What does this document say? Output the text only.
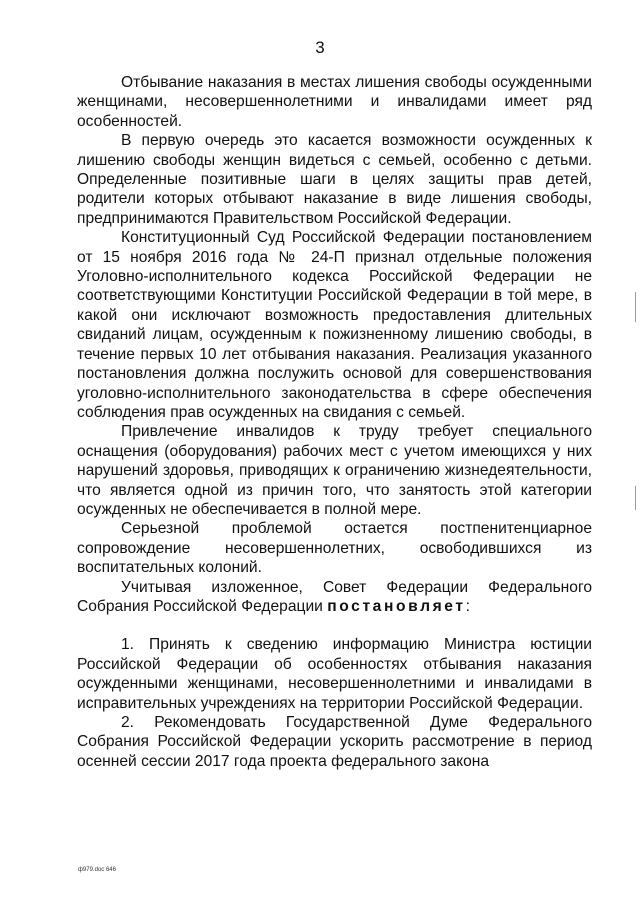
3

Отбывание наказания в местах лишения свободы осужденными женщинами, несовершеннолетними и инвалидами имеет ряд особенностей.

В первую очередь это касается возможности осужденных к лишению свободы женщин видеться с семьей, особенно с детьми. Определенные позитивные шаги в целях защиты прав детей, родители которых отбывают наказание в виде лишения свободы, предпринимаются Правительством Российской Федерации.

Конституционный Суд Российской Федерации постановлением от 15 ноября 2016 года № 24-П признал отдельные положения Уголовно-исполнительного кодекса Российской Федерации не соответствующими Конституции Российской Федерации в той мере, в какой они исключают возможность предоставления длительных свиданий лицам, осужденным к пожизненному лишению свободы, в течение первых 10 лет отбывания наказания. Реализация указанного постановления должна послужить основой для совершенствования уголовно-исполнительного законодательства в сфере обеспечения соблюдения прав осужденных на свидания с семьей.

Привлечение инвалидов к труду требует специального оснащения (оборудования) рабочих мест с учетом имеющихся у них нарушений здоровья, приводящих к ограничению жизнедеятельности, что является одной из причин того, что занятость этой категории осужденных не обеспечивается в полной мере.

Серьезной проблемой остается постпенитенциарное сопровождение несовершеннолетних, освободившихся из воспитательных колоний.

Учитывая изложенное, Совет Федерации Федерального Собрания Российской Федерации постановляет:

1. Принять к сведению информацию Министра юстиции Российской Федерации об особенностях отбывания наказания осужденными женщинами, несовершеннолетними и инвалидами в исправительных учреждениях на территории Российской Федерации.

2. Рекомендовать Государственной Думе Федерального Собрания Российской Федерации ускорить рассмотрение в период осенней сессии 2017 года проекта федерального закона

ф979.doc 646
